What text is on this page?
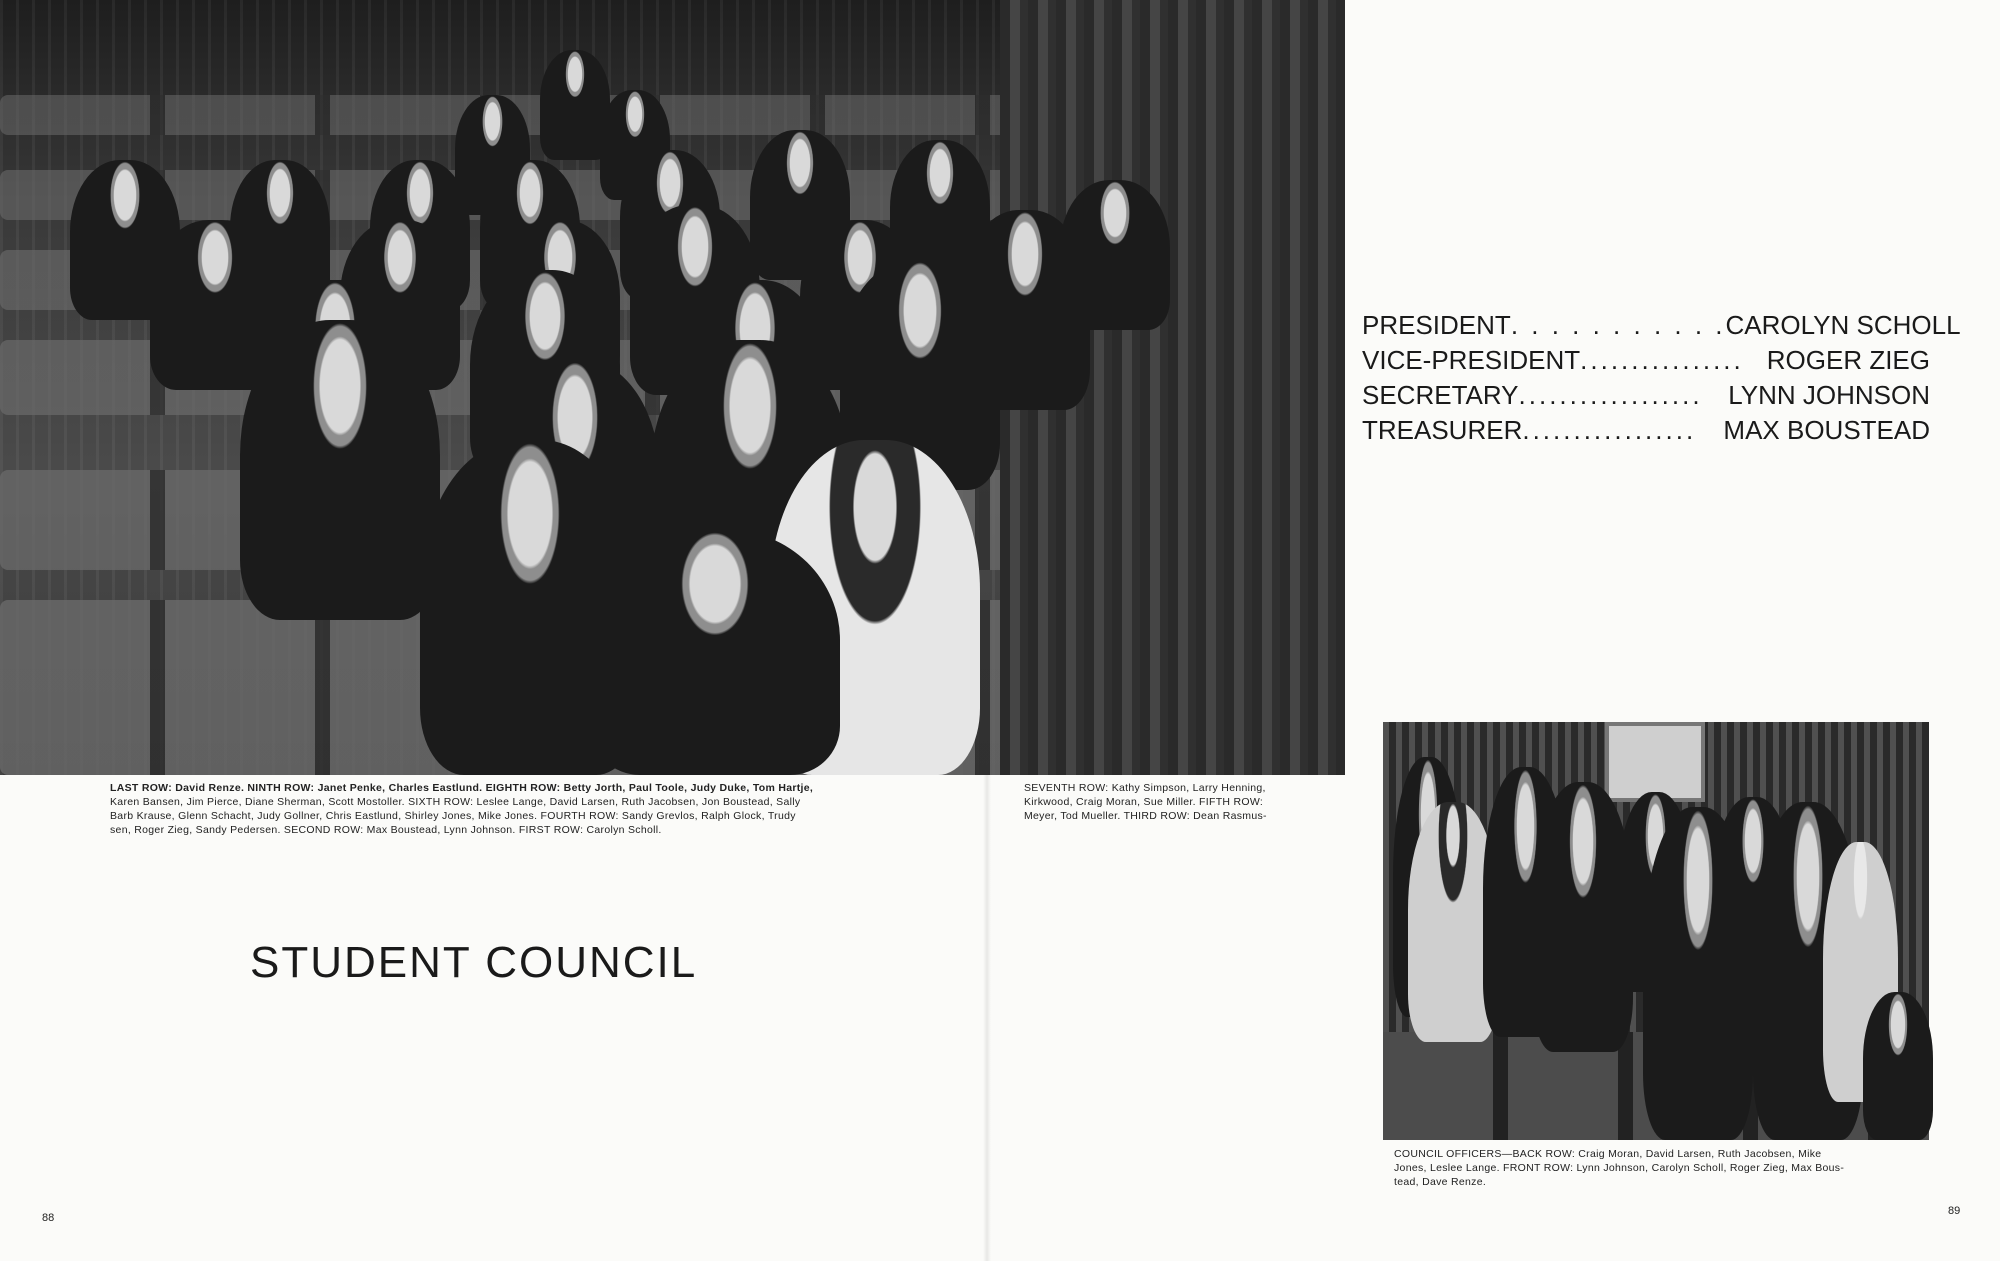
LAST ROW: David Renze. NINTH ROW: Janet Penke, Charles Eastlund. EIGHTH ROW: Betty Jorth, Paul Toole, Judy Duke, Tom Hartje,
Karen Bansen, Jim Pierce, Diane Sherman, Scott Mostoller. SIXTH ROW: Leslee Lange, David Larsen, Ruth Jacobsen, Jon Boustead, Sally
Barb Krause, Glenn Schacht, Judy Gollner, Chris Eastlund, Shirley Jones, Mike Jones. FOURTH ROW: Sandy Grevlos, Ralph Glock, Trudy
sen, Roger Zieg, Sandy Pedersen. SECOND ROW: Max Boustead, Lynn Johnson. FIRST ROW: Carolyn Scholl.
SEVENTH ROW: Kathy Simpson, Larry Henning,
Kirkwood, Craig Moran, Sue Miller. FIFTH ROW:
Meyer, Tod Mueller. THIRD ROW: Dean Rasmus-
STUDENT COUNCIL
PRESIDENT . . . . . . . . . . . CAROLYN SCHOLL
VICE-PRESIDENT ................ ROGER ZIEG
SECRETARY .................. LYNN JOHNSON
TREASURER .................	MAX BOUSTEAD
COUNCIL OFFICERS—BACK ROW: Craig Moran, David Larsen, Ruth Jacobsen, Mike
Jones, Leslee Lange. FRONT ROW: Lynn Johnson, Carolyn Scholl, Roger Zieg, Max Bous-
tead, Dave Renze.
88
89
